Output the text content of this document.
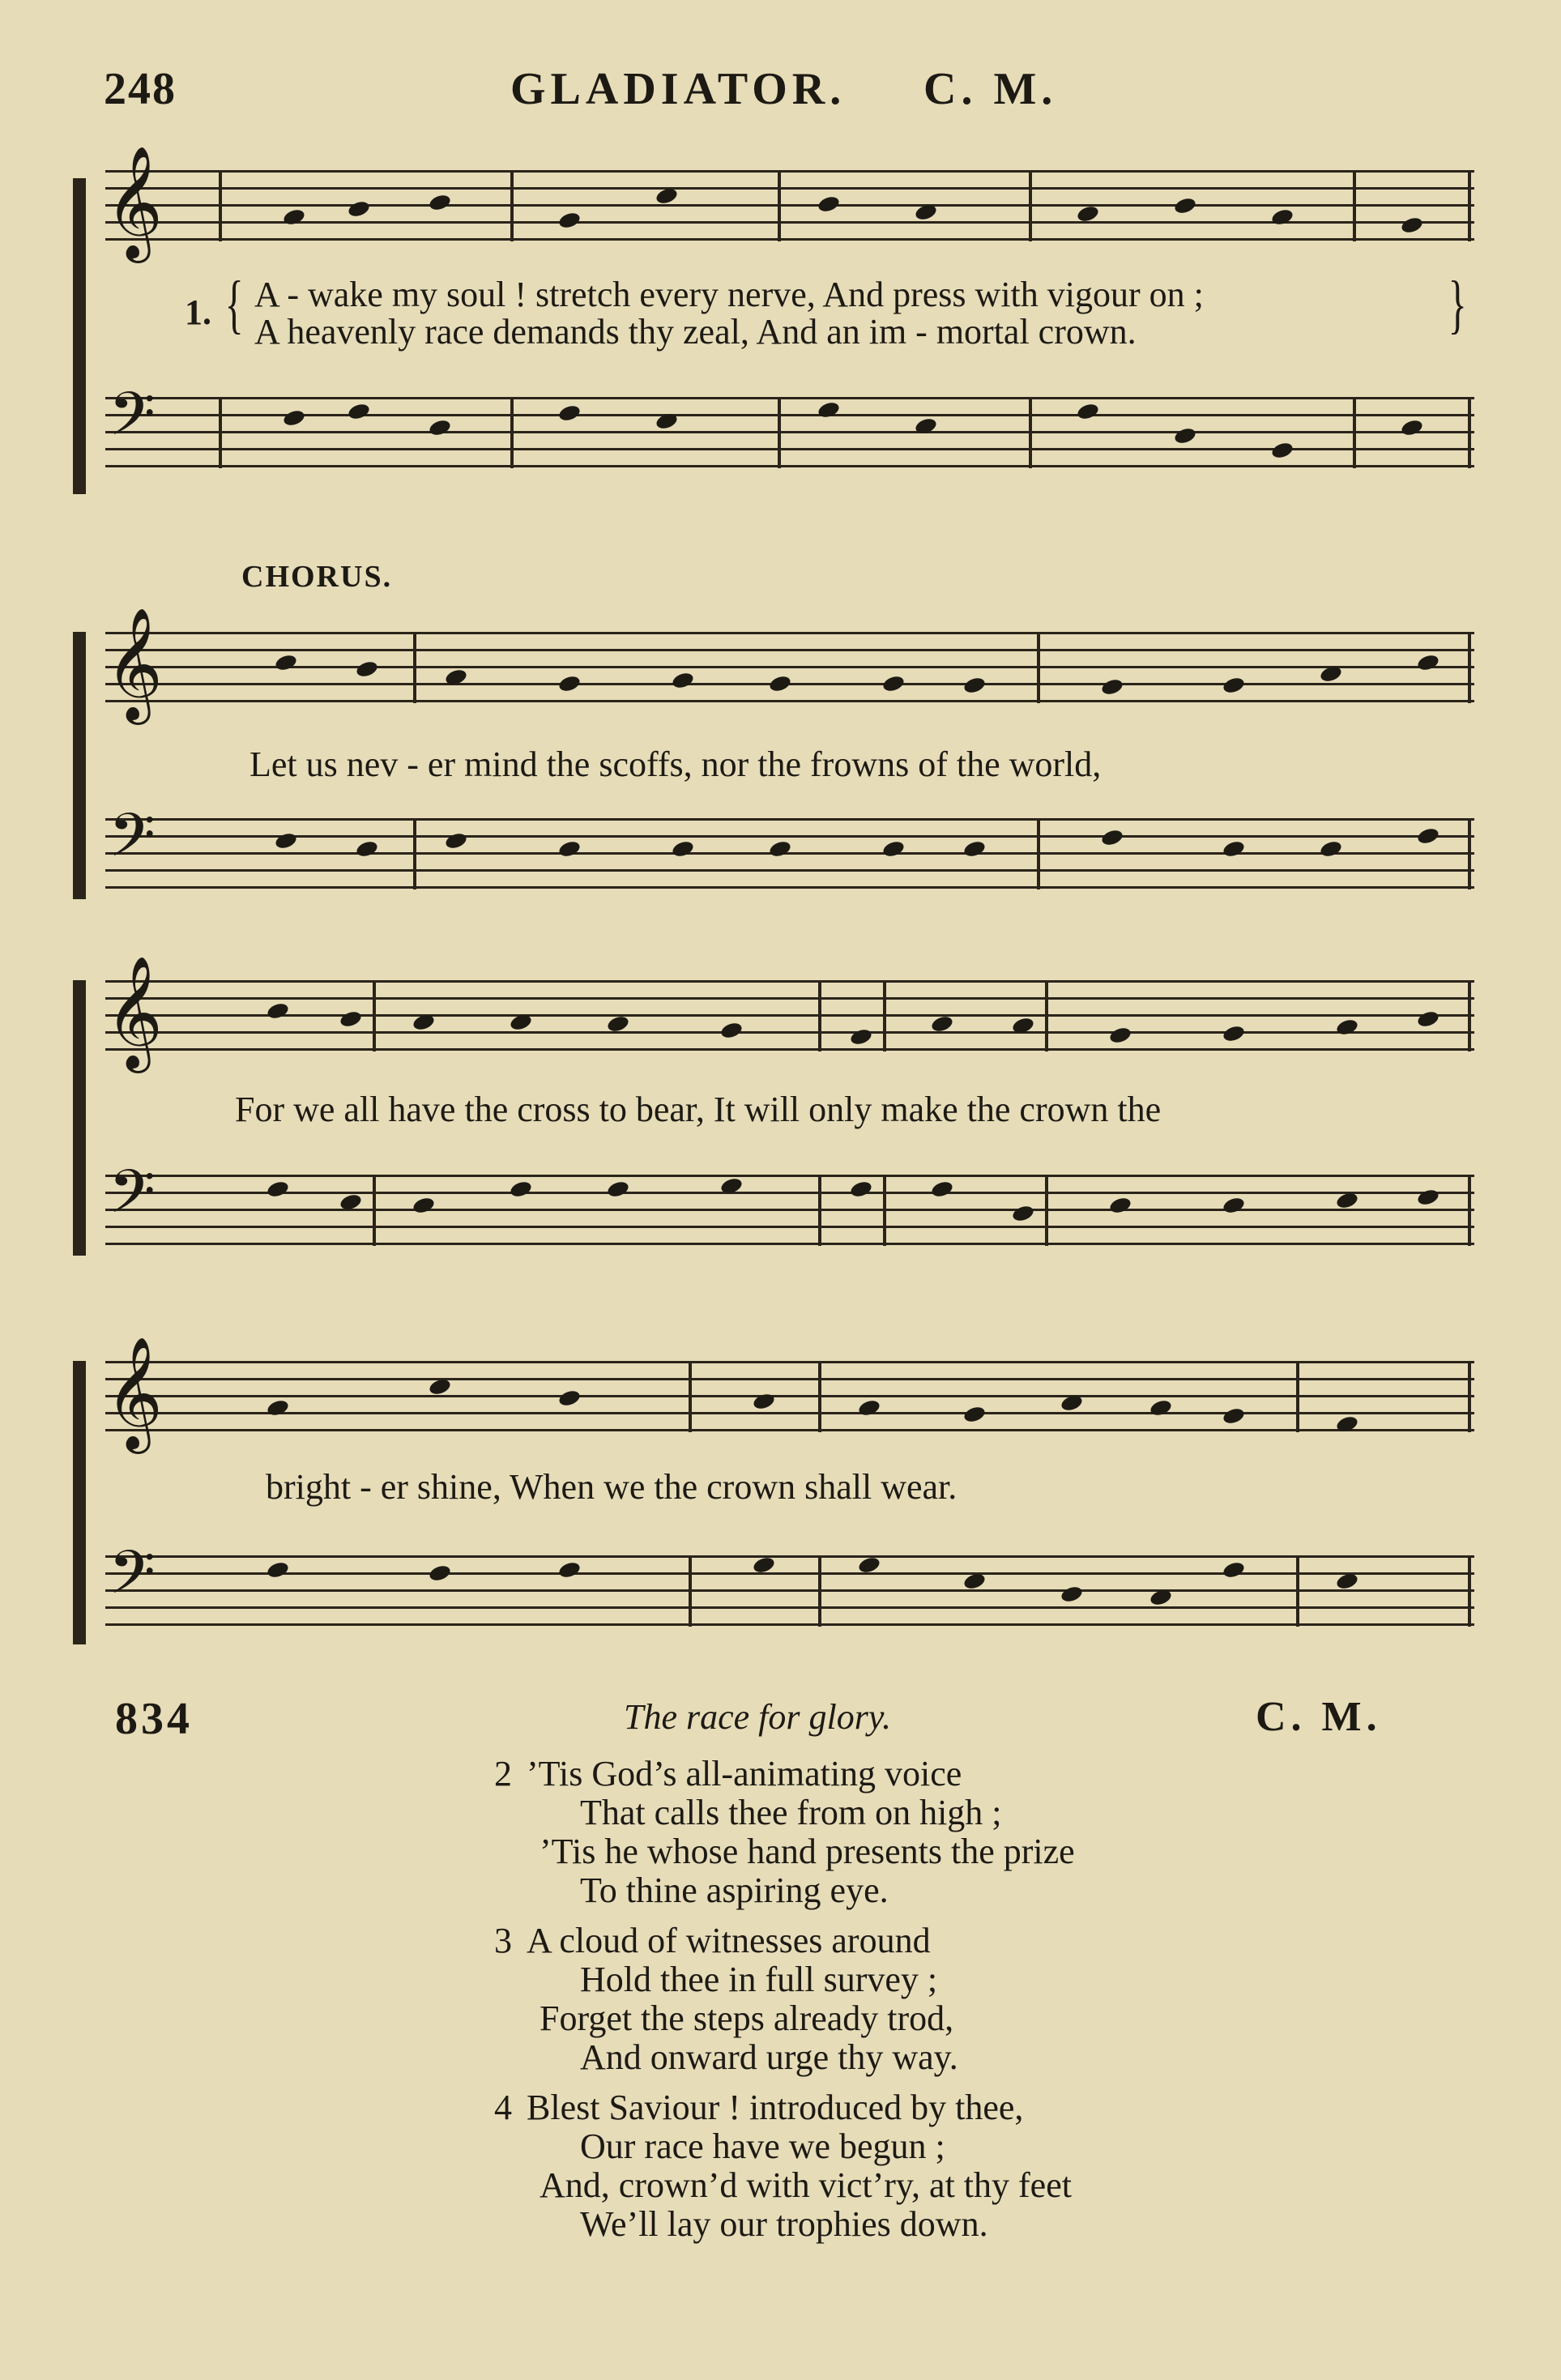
248	GLADIATOR. C. M.
𝄞
1. { A - wake my soul ! stretch every nerve, And press with vigour on ;
A heavenly race demands thy zeal, And an im - mortal crown.	}
𝄢
CHORUS.
𝄞
Let us nev - er mind the scoffs, nor the frowns of the world,
𝄢
𝄞
For we all have the cross to bear, It will only make the crown the
𝄢
𝄞
bright - er shine, When we the crown shall wear.
𝄢
834	The race for glory.	C. M.
2 ’Tis God’s all-animating voice
That calls thee from on high ;
’Tis he whose hand presents the prize
To thine aspiring eye.
3 A cloud of witnesses around
Hold thee in full survey ;
Forget the steps already trod,
And onward urge thy way.
4 Blest Saviour ! introduced by thee,
Our race have we begun ;
And, crown’d with vict’ry, at thy feet
We’ll lay our trophies down.
